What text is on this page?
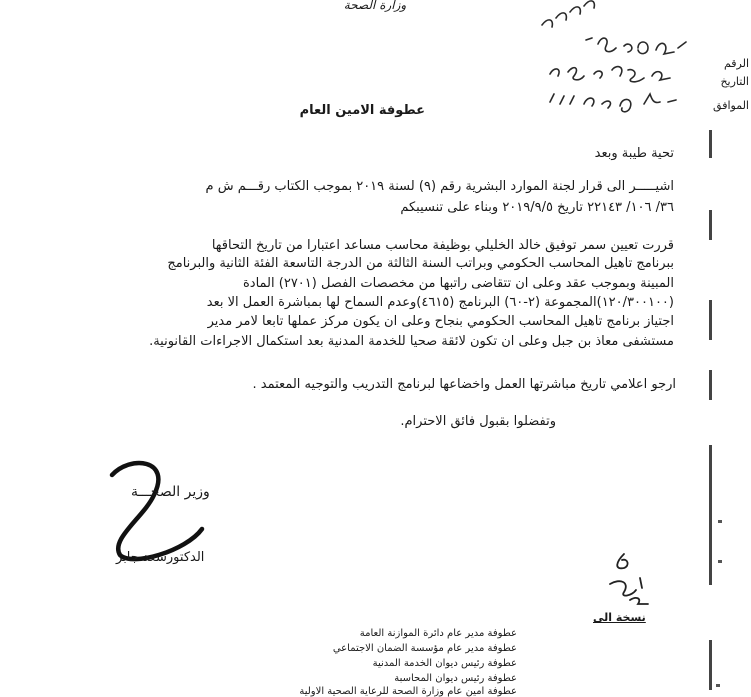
وزارة الصحة
الرقم
التاريخ
الموافق
عطوفة الامين العام
تحية طيبة وبعد
اشيـــــر الى قرار لجنة الموارد البشرية رقم (٩) لسنة ٢٠١٩ بموجب الكتاب رقـــم ش م
٣٦/ ١٠٦/ ٢٢١٤٣ تاريخ ٢٠١٩/٩/٥ وبناء على تنسيبكم
قررت تعيين سمر توفيق خالد الخليلي بوظيفة محاسب مساعد اعتبارا من تاريخ التحاقها
ببرنامج تاهيل المحاسب الحكومي وبراتب السنة الثالثة من الدرجة التاسعة الفئة الثانية والبرنامج
المبينة وبموجب عقد وعلى ان تتقاضى راتبها من مخصصات الفصل (٢٧٠١) المادة
(١٢٠/٣٠٠١٠٠)المجموعة (٢-٦٠) البرنامج (٤٦١٥)وعدم السماح لها بمباشرة العمل الا بعد
اجتياز برنامج تاهيل المحاسب الحكومي بنجاح وعلى ان يكون مركز عملها تابعا لامر مدير
مستشفى معاذ بن جبل وعلى ان تكون لائقة صحيا للخدمة المدنية بعد استكمال الاجراءات القانونية.
ارجو اعلامي تاريخ مباشرتها العمل واخضاعها لبرنامج التدريب والتوجيه المعتمد .
وتفضلوا بقبول فائق الاحترام.
وزير الصحـــة
الدكتورسعد جابر
نسخة الى
عطوفة مدير عام دائرة الموازنة العامة
عطوفة مدير عام مؤسسة الضمان الاجتماعي
عطوفة رئيس ديوان الخدمة المدنية
عطوفة رئيس ديوان المحاسبة
عطوفة امين عام وزارة الصحة للرعاية الصحية الاولية
